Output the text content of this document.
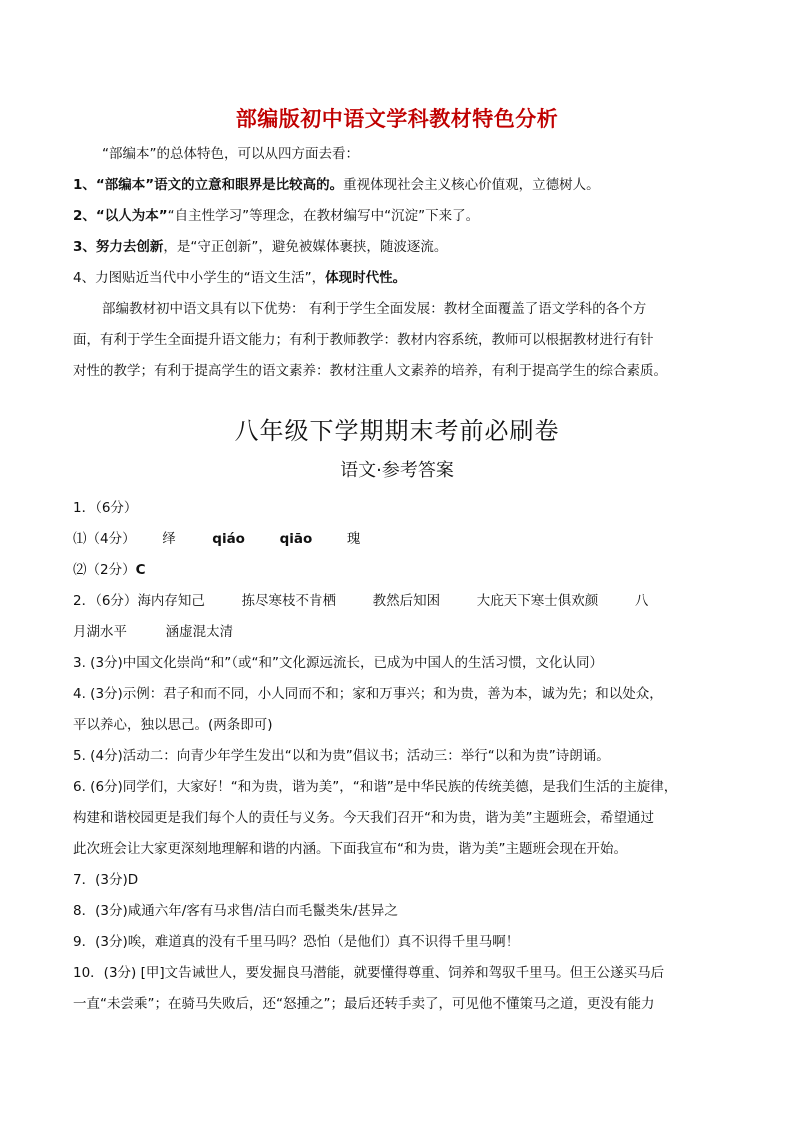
部编版初中语文学科教材特色分析
“部编本”的总体特色，可以从四方面去看：
1、“部编本”语文的立意和眼界是比较高的。重视体现社会主义核心价值观，立德树人。
2、“以人为本”“自主性学习”等理念，在教材编写中“沉淀”下来了。
3、努力去创新，是“守正创新”，避免被媒体裹挟，随波逐流。
4、力图贴近当代中小学生的“语文生活”，体现时代性。
部编教材初中语文具有以下优势： 有利于学生全面发展：教材全面覆盖了语文学科的各个方
面，有利于学生全面提升语文能力；有利于教师教学：教材内容系统，教师可以根据教材进行有针
对性的教学；有利于提高学生的语文素养：教材注重人文素养的培养，有利于提高学生的综合素质。
八年级下学期期末考前必刷卷
语文·参考答案
1．（6分）
⑴（4分） 绎	qiáo	qiāo	瑰
⑵（2分）C
2．（6分）海内存知己	拣尽寒枝不肯栖	教然后知困	大庇天下寒士俱欢颜	八
月湖水平	涵虚混太清
3. (3分)中国文化崇尚“和”（或“和”文化源远流长，已成为中国人的生活习惯，文化认同）
4. (3分)示例：君子和而不同，小人同而不和；家和万事兴；和为贵，善为本，诚为先；和以处众，
平以养心，独以思己。(两条即可)
5. (4分)活动二：向青少年学生发出“以和为贵”倡议书；活动三：举行“以和为贵”诗朗诵。
6. (6分)同学们，大家好！“和为贵，谐为美”，“和谐”是中华民族的传统美德，是我们生活的主旋律，
构建和谐校园更是我们每个人的责任与义务。今天我们召开“和为贵，谐为美”主题班会，希望通过
此次班会让大家更深刻地理解和谐的内涵。下面我宣布“和为贵，谐为美”主题班会现在开始。
7．(3分)D
8．(3分)咸通六年/客有马求售/洁白而毛鬣类朱/甚异之
9．(3分)唉，难道真的没有千里马吗？恐怕（是他们）真不识得千里马啊！
10．(3分) [甲]文告诫世人，要发掘良马潜能，就要懂得尊重、饲养和驾驭千里马。但王公遂买马后
一直“未尝乘”；在骑马失败后，还“怒揰之”；最后还转手卖了，可见他不懂策马之道，更没有能力
